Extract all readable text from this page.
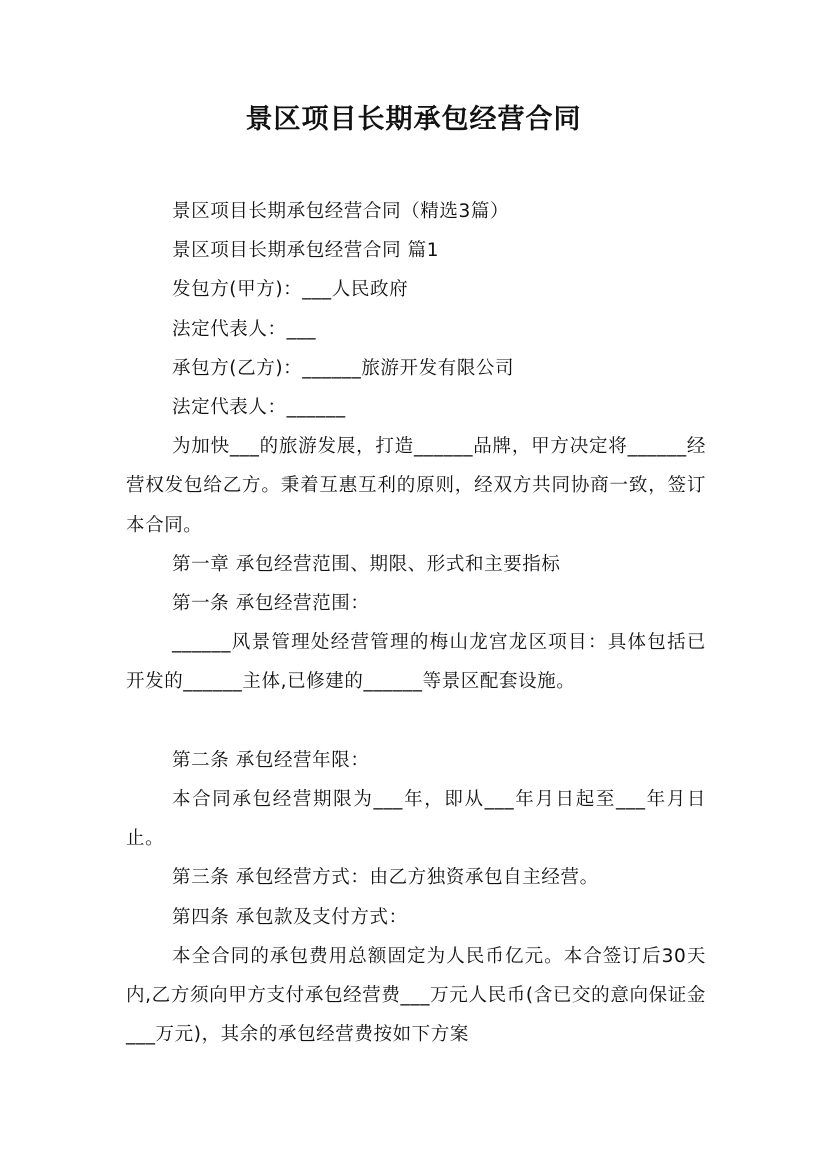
景区项目长期承包经营合同

景区项目长期承包经营合同（精选3篇）

景区项目长期承包经营合同 篇1

发包方(甲方)：___人民政府

法定代表人：___

承包方(乙方)：______旅游开发有限公司

法定代表人：______

为加快___的旅游发展，打造______品牌，甲方决定将______经营权发包给乙方。秉着互惠互利的原则，经双方共同协商一致，签订本合同。

第一章 承包经营范围、期限、形式和主要指标

第一条 承包经营范围：

______风景管理处经营管理的梅山龙宫龙区项目：具体包括已开发的______主体,已修建的______等景区配套设施。

第二条 承包经营年限：

本合同承包经营期限为___年，即从___年月日起至___年月日止。

第三条 承包经营方式：由乙方独资承包自主经营。

第四条 承包款及支付方式：

本全合同的承包费用总额固定为人民币亿元。本合签订后30天内,乙方须向甲方支付承包经营费___万元人民币(含已交的意向保证金___万元)，其余的承包经营费按如下方案
